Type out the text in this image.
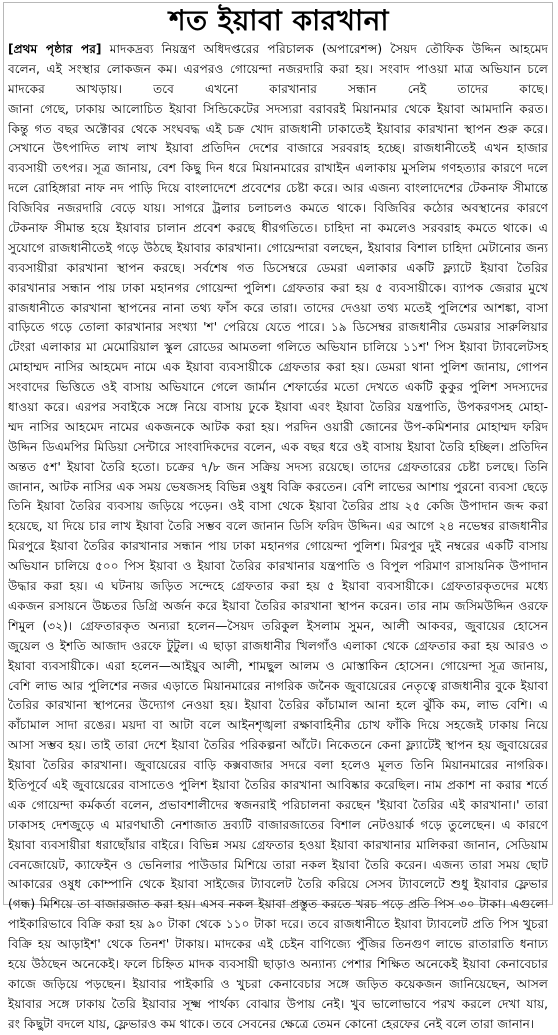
শত ইয়াবা কারখানা
[প্রথম পৃষ্ঠার পর] মাদকদ্রব্য নিয়ন্ত্রণ অধিদপ্তরের পরিচালক (অপারেশন্স) সৈয়দ তৌফিক উদ্দিন আহমেদ
বলেন, এই সংস্থার লোকজন কম। এরপরও গোয়েন্দা নজরদারি করা হয়। সংবাদ পাওয়া মাত্র অভিযান চলে
মাদকের আখড়ায়। তবে এখনো কারখানার সন্ধান নেই তাদের কাছে।
জানা গেছে, ঢাকায় আলোচিত ইয়াবা সিন্ডিকেটের সদস্যরা বরাবরই মিয়ানমার থেকে ইয়াবা আমদানি করত।
কিন্তু গত বছর অক্টোবর থেকে সংঘবদ্ধ এই চক্র খোদ রাজধানী ঢাকাতেই ইয়াবার কারখানা স্থাপন শুরু করে।
সেখানে উৎপাদিত লাখ লাখ ইয়াবা প্রতিদিন দেশের বাজারে সরবরাহ হচ্ছে। রাজধানীতেই এখন হাজার
ব্যবসায়ী তৎপর। সূত্র জানায়, বেশ কিছু দিন ধরে মিয়ানমারের রাখাইন এলাকায় মুসলিম গণহত্যার কারণে দলে
দলে রোহিঙ্গারা নাফ নদ পাড়ি দিয়ে বাংলাদেশে প্রবেশের চেষ্টা করে। আর এজন্য বাংলাদেশের টেকনাফ সীমান্তে
বিজিবির নজরদারি বেড়ে যায়। সাগরে ট্রলার চলাচলও কমতে থাকে। বিজিবির কঠোর অবস্থানের কারণে
টেকনাফ সীমান্ত হয়ে ইয়াবার চালান প্রবেশ করছে ধীরগতিতে। চাহিদা না কমলেও সরবরাহ কমতে থাকে। এ
সুযোগে রাজধানীতেই গড়ে উঠছে ইয়াবার কারখানা। গোয়েন্দারা বলছেন, ইয়াবার বিশাল চাহিদা মেটানোর জন্য
ব্যবসায়ীরা কারখানা স্থাপন করছে। সর্বশেষ গত ডিসেম্বরে ডেমরা এলাকার একটি ফ্ল্যাটে ইয়াবা তৈরির
কারখানার সন্ধান পায় ঢাকা মহানগর গোয়েন্দা পুলিশ। গ্রেফতার করা হয় ৫ ব্যবসায়ীকে। ব্যাপক জেরার মুখে
রাজধানীতে কারখানা স্থাপনের নানা তথ্য ফাঁস করে তারা। তাদের দেওয়া তথ্য মতেই পুলিশের আশঙ্কা, বাসা
বাড়িতে গড়ে তোলা কারখানার সংখ্যা 'শ' পেরিয়ে যেতে পারে। ১৯ ডিসেম্বর রাজধানীর ডেমরার সারুলিয়ার
টেংরা এলাকার মা মেমোরিয়াল স্কুল রোডের আমতলা গলিতে অভিযান চালিয়ে ১১শ' পিস ইয়াবা ট্যাবলেটসহ
মোহাম্মদ নাসির আহমেদ নামে এক ইয়াবা ব্যবসায়ীকে গ্রেফতার করা হয়। ডেমরা থানা পুলিশ জানায়, গোপন
সংবাদের ভিত্তিতে ওই বাসায় অভিযানে গেলে জার্মান শেফার্ডের মতো দেখতে একটি কুকুর পুলিশ সদস্যদের
ধাওয়া করে। এরপর সবাইকে সঙ্গে নিয়ে বাসায় ঢুকে ইয়াবা এবং ইয়াবা তৈরির যন্ত্রপাতি, উপকরণসহ মোহা-
ম্মদ নাসির আহমেদ নামের একজনকে আটক করা হয়। পরদিন ওয়ারী জোনের উপ-কমিশনার মোহাম্মদ ফরিদ
উদ্দিন ডিএমপির মিডিয়া সেন্টারে সাংবাদিকদের বলেন, এক বছর ধরে ওই বাসায় ইয়াবা তৈরি হচ্ছিল। প্রতিদিন
অন্তত ৫শ' ইয়াবা তৈরি হতো। চক্রের ৭/৮ জন সক্রিয় সদস্য রয়েছে। তাদের গ্রেফতারের চেষ্টা চলছে। তিনি
জানান, আটক নাসির এক সময় ভেষজসহ বিভিন্ন ওষুধ বিক্রি করতেন। বেশি লাভের আশায় পুরনো ব্যবসা ছেড়ে
তিনি ইয়াবা তৈরির ব্যবসায় জড়িয়ে পড়েন। ওই বাসা থেকে ইয়াবা তৈরির প্রায় ২৫ কেজি উপাদান জব্দ করা
হয়েছে, যা দিয়ে চার লাখ ইয়াবা তৈরি সম্ভব বলে জানান ডিসি ফরিদ উদ্দিন। এর আগে ২৪ নভেম্বর রাজধানীর
মিরপুরে ইয়াবা তৈরির কারখানার সন্ধান পায় ঢাকা মহানগর গোয়েন্দা পুলিশ। মিরপুর দুই নম্বরের একটি বাসায়
অভিযান চালিয়ে ৫০০ পিস ইয়াবা ও ইয়াবা তৈরির কারখানার যন্ত্রপাতি ও বিপুল পরিমাণ রাসায়নিক উপাদান
উদ্ধার করা হয়। এ ঘটনায় জড়িত সন্দেহে গ্রেফতার করা হয় ৫ ইয়াবা ব্যবসায়ীকে। গ্রেফতারকৃতদের মধ্যে
একজন রসায়নে উচ্চতর ডিগ্রি অর্জন করে ইয়াবা তৈরির কারখানা স্থাপন করেন। তার নাম জসিমউদ্দিন ওরফে
শিমুল (৩২)। গ্রেফতারকৃত অন্যরা হলেন—সৈয়দ তরিকুল ইসলাম সুমন, আলী আকবর, জুবায়ের হোসেন
জুয়েল ও ইশতি আজাদ ওরফে টুটুল। এ ছাড়া রাজধানীর খিলগাঁও এলাকা থেকে গ্রেফতার করা হয় আরও ৩
ইয়াবা ব্যবসায়ীকে। এরা হলেন—আইয়ুব আলী, শামছুল আলম ও মোস্তাকিন হোসেন। গোয়েন্দা সূত্র জানায়,
বেশি লাভ আর পুলিশের নজর এড়াতে মিয়ানমারের নাগরিক জনৈক জুবায়েরের নেতৃত্বে রাজধানীর বুকে ইয়াবা
তৈরির কারখানা স্থাপনের উদ্যোগ নেওয়া হয়। ইয়াবা তৈরির কাঁচামাল আনা হলে ঝুঁকি কম, লাভ বেশি। এ
কাঁচামাল সাদা রঙের। ময়দা বা আটা বলে আইনশৃঙ্খলা রক্ষাবাহিনীর চোখ ফাঁকি দিয়ে সহজেই ঢাকায় নিয়ে
আসা সম্ভব হয়। তাই তারা দেশে ইয়াবা তৈরির পরিকল্পনা আঁটে। নিকেতনে কেনা ফ্ল্যাটেই স্থাপন হয় জুবায়েরের
ইয়াবা তৈরির কারখানা। জুবায়েরের বাড়ি কক্সবাজার সদরে বলা হলেও মূলত তিনি মিয়ানমারের নাগরিক।
ইতিপূর্বে এই জুবায়েরের বাসাতেও পুলিশ ইয়াবা তৈরির কারখানা আবিষ্কার করেছিল। নাম প্রকাশ না করার শর্তে
এক গোয়েন্দা কর্মকর্তা বলেন, প্রভাবশালীদের স্বজনরাই পরিচালনা করছেন 'ইয়াবা তৈরির এই কারখানা।' তারা
ঢাকাসহ দেশজুড়ে এ মারণঘাতী নেশাজাত দ্রব্যটি বাজারজাতের বিশাল নেটওয়ার্ক গড়ে তুলেছেন। এ কারণে
ইয়াবা ব্যবসায়ীরা ধরাছোঁয়ার বাইরে। বিভিন্ন সময় গ্রেফতার হওয়া ইয়াবা কারখানার মালিকরা জানান, সেডিয়াম
বেনজোয়েট, ক্যাফেইন ও ভেনিলার পাউডার মিশিয়ে তারা নকল ইয়াবা তৈরি করেন। এজন্য তারা সময় ছোট
আকারের ওষুধ কোম্পানি থেকে ইয়াবা সাইজের ট্যাবলেট তৈরি করিয়ে সেসব ট্যাবলেটে শুধু ইয়াবার ফ্লেভার
(গন্ধ) মিশিয়ে তা বাজারজাত করা হয়। এসব নকল ইয়াবা প্রস্তুত করতে খরচ পড়ে প্রতি পিস ৩০ টাকা। এগুলো
পাইকারিভাবে বিক্রি করা হয় ৯০ টাকা থেকে ১১০ টাকা দরে। তবে রাজধানীতে ইয়াবা ট্যাবলেট প্রতি পিস খুচরা
বিক্রি হয় আড়াইশ' থেকে তিনশ' টাকায়। মাদকের এই চেইন বাণিজ্যে পুঁজির তিনগুণ লাভে রাতারাতি ধনাঢ্য
হয়ে উঠছেন অনেকেই। ফলে চিহ্নিত মাদক ব্যবসায়ী ছাড়াও অন্যান্য পেশার শিক্ষিত অনেকেই ইয়াবা কেনাবেচার
কাজে জড়িয়ে পড়ছেন। ইয়াবার পাইকারি ও খুচরা কেনাবেচার সঙ্গে জড়িত কয়েকজন জানিয়েছেন, আসল
ইয়াবার সঙ্গে ঢাকায় তৈরি ইয়াবার সূক্ষ্ম পার্থক্য বোঝার উপায় নেই। খুব ভালোভাবে পরখ করলে দেখা যায়,
রং কিছুটা বদলে যায়, ফ্লেভারও কম থাকে। তবে সেবনের ক্ষেত্রে তেমন কোনো হেরফের নেই বলে তারা জানান।
